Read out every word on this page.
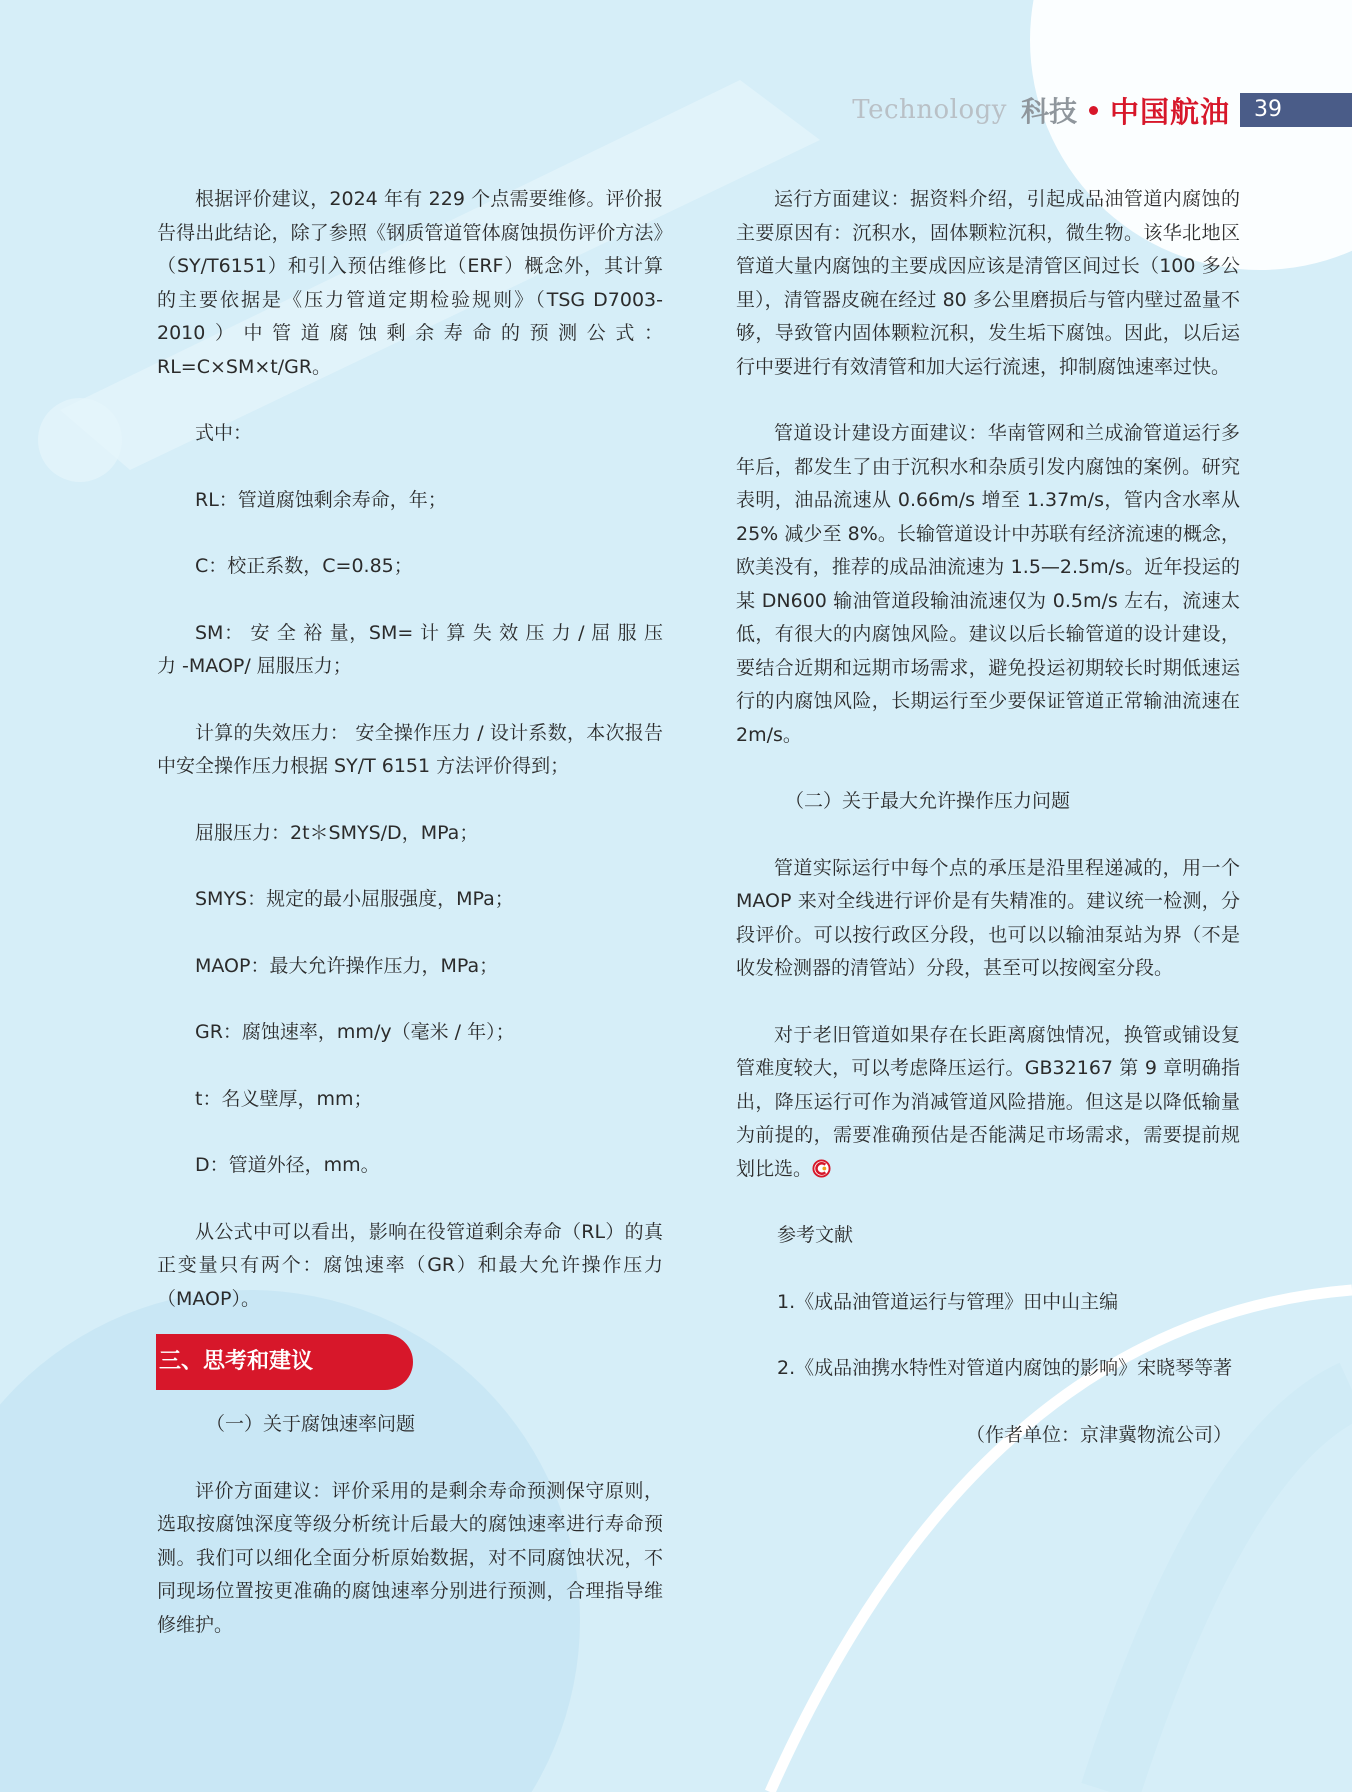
Technology 科技 中国航油	39

根据评价建议，2024 年有 229 个点需要维修。评价报告得出此结论，除了参照《钢质管道管体腐蚀损伤评价方法》（SY/T6151）和引入预估维修比（ERF）概念外，其计算的主要依据是《压力管道定期检验规则》（TSG D7003-2010）中管道腐蚀剩余寿命的预测公式：RL=C×SM×t/GR。

式中：

RL：管道腐蚀剩余寿命，年；

C：校正系数，C=0.85；

SM： 安 全 裕 量，SM= 计 算 失 效 压 力 / 屈 服 压 力 -MAOP/ 屈服压力；

计算的失效压力： 安全操作压力 / 设计系数，本次报告中安全操作压力根据 SY/T 6151 方法评价得到；

屈服压力：2t＊SMYS/D，MPa；

SMYS：规定的最小屈服强度，MPa；

MAOP：最大允许操作压力，MPa；

GR：腐蚀速率，mm/y（毫米 / 年）；

t：名义壁厚，mm；

D：管道外径，mm。

从公式中可以看出，影响在役管道剩余寿命（RL）的真正变量只有两个：腐蚀速率（GR）和最大允许操作压力（MAOP）。

三、思考和建议

（一）关于腐蚀速率问题

评价方面建议：评价采用的是剩余寿命预测保守原则，选取按腐蚀深度等级分析统计后最大的腐蚀速率进行寿命预测。我们可以细化全面分析原始数据，对不同腐蚀状况，不同现场位置按更准确的腐蚀速率分别进行预测，合理指导维修维护。

运行方面建议：据资料介绍，引起成品油管道内腐蚀的主要原因有：沉积水，固体颗粒沉积，微生物。该华北地区管道大量内腐蚀的主要成因应该是清管区间过长（100 多公里），清管器皮碗在经过 80 多公里磨损后与管内壁过盈量不够，导致管内固体颗粒沉积，发生垢下腐蚀。因此，以后运行中要进行有效清管和加大运行流速，抑制腐蚀速率过快。

管道设计建设方面建议：华南管网和兰成渝管道运行多年后，都发生了由于沉积水和杂质引发内腐蚀的案例。研究表明，油品流速从 0.66m/s 增至 1.37m/s，管内含水率从 25% 减少至 8%。长输管道设计中苏联有经济流速的概念，欧美没有，推荐的成品油流速为 1.5—2.5m/s。近年投运的某 DN600 输油管道段输油流速仅为 0.5m/s 左右，流速太低，有很大的内腐蚀风险。建议以后长输管道的设计建设，要结合近期和远期市场需求，避免投运初期较长时期低速运行的内腐蚀风险，长期运行至少要保证管道正常输油流速在 2m/s。

（二）关于最大允许操作压力问题

管道实际运行中每个点的承压是沿里程递减的，用一个 MAOP 来对全线进行评价是有失精准的。建议统一检测，分段评价。可以按行政区分段，也可以以输油泵站为界（不是收发检测器的清管站）分段，甚至可以按阀室分段。

对于老旧管道如果存在长距离腐蚀情况，换管或铺设复管难度较大，可以考虑降压运行。GB32167 第 9 章明确指出，降压运行可作为消减管道风险措施。但这是以降低输量为前提的，需要准确预估是否能满足市场需求，需要提前规划比选。

参考文献

1.《成品油管道运行与管理》田中山主编

2.《成品油携水特性对管道内腐蚀的影响》宋晓琴等著

（作者单位：京津冀物流公司）
